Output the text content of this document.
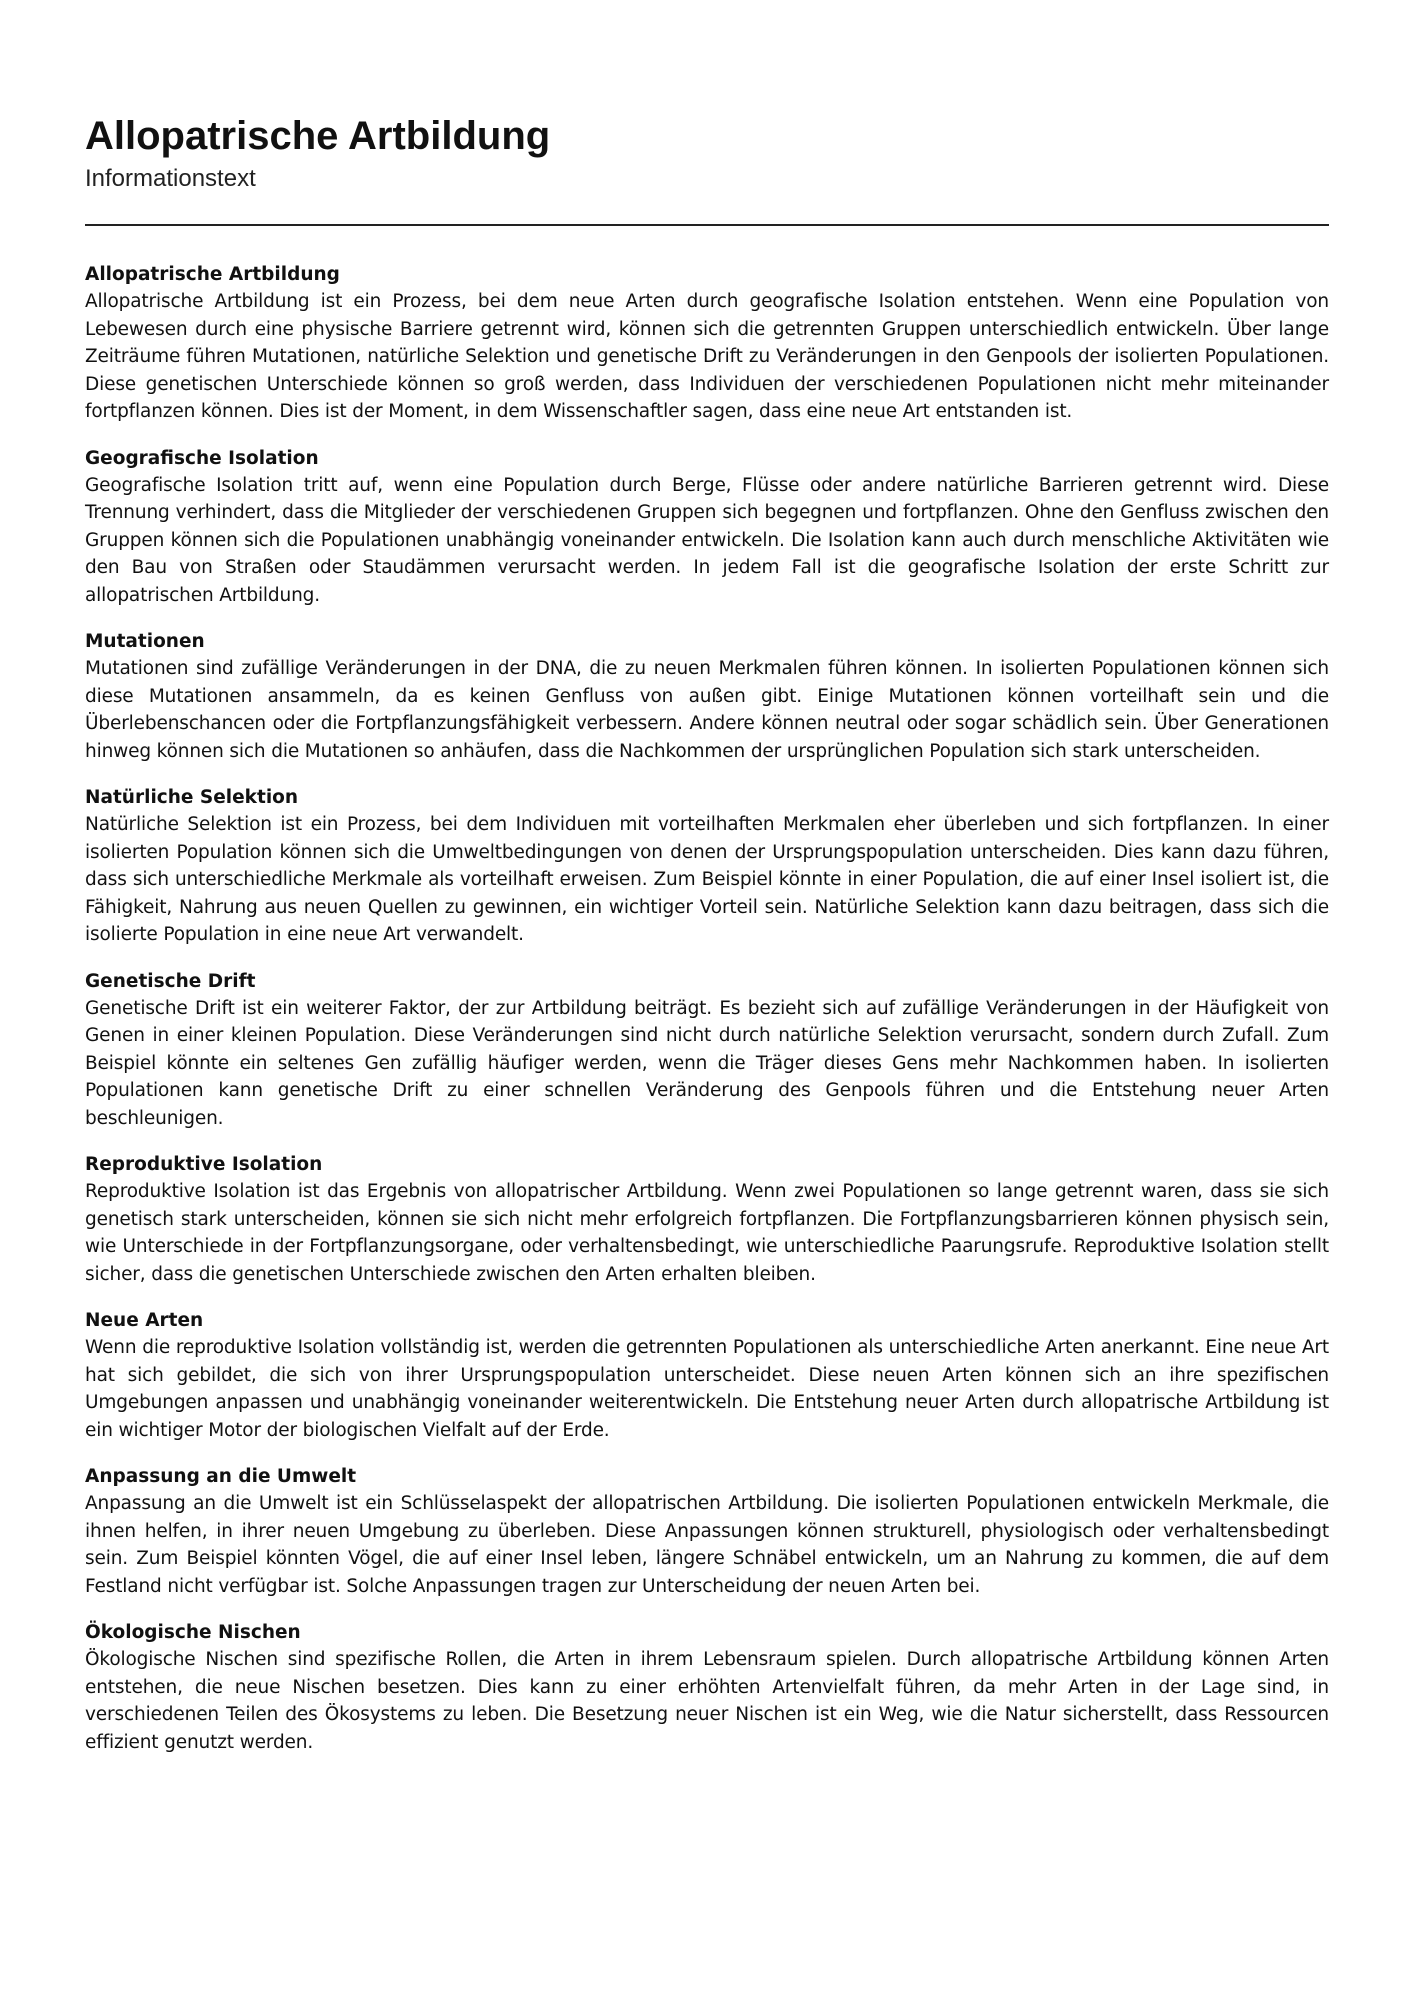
Allopatrische Artbildung
Informationstext

Allopatrische Artbildung

Allopatrische Artbildung ist ein Prozess, bei dem neue Arten durch geografische Isolation entstehen. Wenn eine Population von Lebewesen durch eine physische Barriere getrennt wird, können sich die getrennten Gruppen unterschiedlich entwickeln. Über lange Zeiträume führen Mutationen, natürliche Selektion und genetische Drift zu Veränderungen in den Genpools der isolierten Populationen. Diese genetischen Unterschiede können so groß werden, dass Individuen der verschiedenen Populationen nicht mehr miteinander fortpflanzen können. Dies ist der Moment, in dem Wissenschaftler sagen, dass eine neue Art entstanden ist.

Geografische Isolation

Geografische Isolation tritt auf, wenn eine Population durch Berge, Flüsse oder andere natürliche Barrieren getrennt wird. Diese Trennung verhindert, dass die Mitglieder der verschiedenen Gruppen sich begegnen und fortpflanzen. Ohne den Genfluss zwischen den Gruppen können sich die Populationen unabhängig voneinander entwickeln. Die Isolation kann auch durch menschliche Aktivitäten wie den Bau von Straßen oder Staudämmen verursacht werden. In jedem Fall ist die geografische Isolation der erste Schritt zur allopatrischen Artbildung.

Mutationen

Mutationen sind zufällige Veränderungen in der DNA, die zu neuen Merkmalen führen können. In isolierten Populationen können sich diese Mutationen ansammeln, da es keinen Genfluss von außen gibt. Einige Mutationen können vorteilhaft sein und die Überlebenschancen oder die Fortpflanzungsfähigkeit verbessern. Andere können neutral oder sogar schädlich sein. Über Generationen hinweg können sich die Mutationen so anhäufen, dass die Nachkommen der ursprünglichen Population sich stark unterscheiden.

Natürliche Selektion

Natürliche Selektion ist ein Prozess, bei dem Individuen mit vorteilhaften Merkmalen eher überleben und sich fortpflanzen. In einer isolierten Population können sich die Umweltbedingungen von denen der Ursprungspopulation unterscheiden. Dies kann dazu führen, dass sich unterschiedliche Merkmale als vorteilhaft erweisen. Zum Beispiel könnte in einer Population, die auf einer Insel isoliert ist, die Fähigkeit, Nahrung aus neuen Quellen zu gewinnen, ein wichtiger Vorteil sein. Natürliche Selektion kann dazu beitragen, dass sich die isolierte Population in eine neue Art verwandelt.

Genetische Drift

Genetische Drift ist ein weiterer Faktor, der zur Artbildung beiträgt. Es bezieht sich auf zufällige Veränderungen in der Häufigkeit von Genen in einer kleinen Population. Diese Veränderungen sind nicht durch natürliche Selektion verursacht, sondern durch Zufall. Zum Beispiel könnte ein seltenes Gen zufällig häufiger werden, wenn die Träger dieses Gens mehr Nachkommen haben. In isolierten Populationen kann genetische Drift zu einer schnellen Veränderung des Genpools führen und die Entstehung neuer Arten beschleunigen.

Reproduktive Isolation

Reproduktive Isolation ist das Ergebnis von allopatrischer Artbildung. Wenn zwei Populationen so lange getrennt waren, dass sie sich genetisch stark unterscheiden, können sie sich nicht mehr erfolgreich fortpflanzen. Die Fortpflanzungsbarrieren können physisch sein, wie Unterschiede in der Fortpflanzungsorgane, oder verhaltensbedingt, wie unterschiedliche Paarungsrufe. Reproduktive Isolation stellt sicher, dass die genetischen Unterschiede zwischen den Arten erhalten bleiben.

Neue Arten

Wenn die reproduktive Isolation vollständig ist, werden die getrennten Populationen als unterschiedliche Arten anerkannt. Eine neue Art hat sich gebildet, die sich von ihrer Ursprungspopulation unterscheidet. Diese neuen Arten können sich an ihre spezifischen Umgebungen anpassen und unabhängig voneinander weiterentwickeln. Die Entstehung neuer Arten durch allopatrische Artbildung ist ein wichtiger Motor der biologischen Vielfalt auf der Erde.

Anpassung an die Umwelt

Anpassung an die Umwelt ist ein Schlüsselaspekt der allopatrischen Artbildung. Die isolierten Populationen entwickeln Merkmale, die ihnen helfen, in ihrer neuen Umgebung zu überleben. Diese Anpassungen können strukturell, physiologisch oder verhaltensbedingt sein. Zum Beispiel könnten Vögel, die auf einer Insel leben, längere Schnäbel entwickeln, um an Nahrung zu kommen, die auf dem Festland nicht verfügbar ist. Solche Anpassungen tragen zur Unterscheidung der neuen Arten bei.

Ökologische Nischen

Ökologische Nischen sind spezifische Rollen, die Arten in ihrem Lebensraum spielen. Durch allopatrische Artbildung können Arten entstehen, die neue Nischen besetzen. Dies kann zu einer erhöhten Artenvielfalt führen, da mehr Arten in der Lage sind, in verschiedenen Teilen des Ökosystems zu leben. Die Besetzung neuer Nischen ist ein Weg, wie die Natur sicherstellt, dass Ressourcen effizient genutzt werden.
